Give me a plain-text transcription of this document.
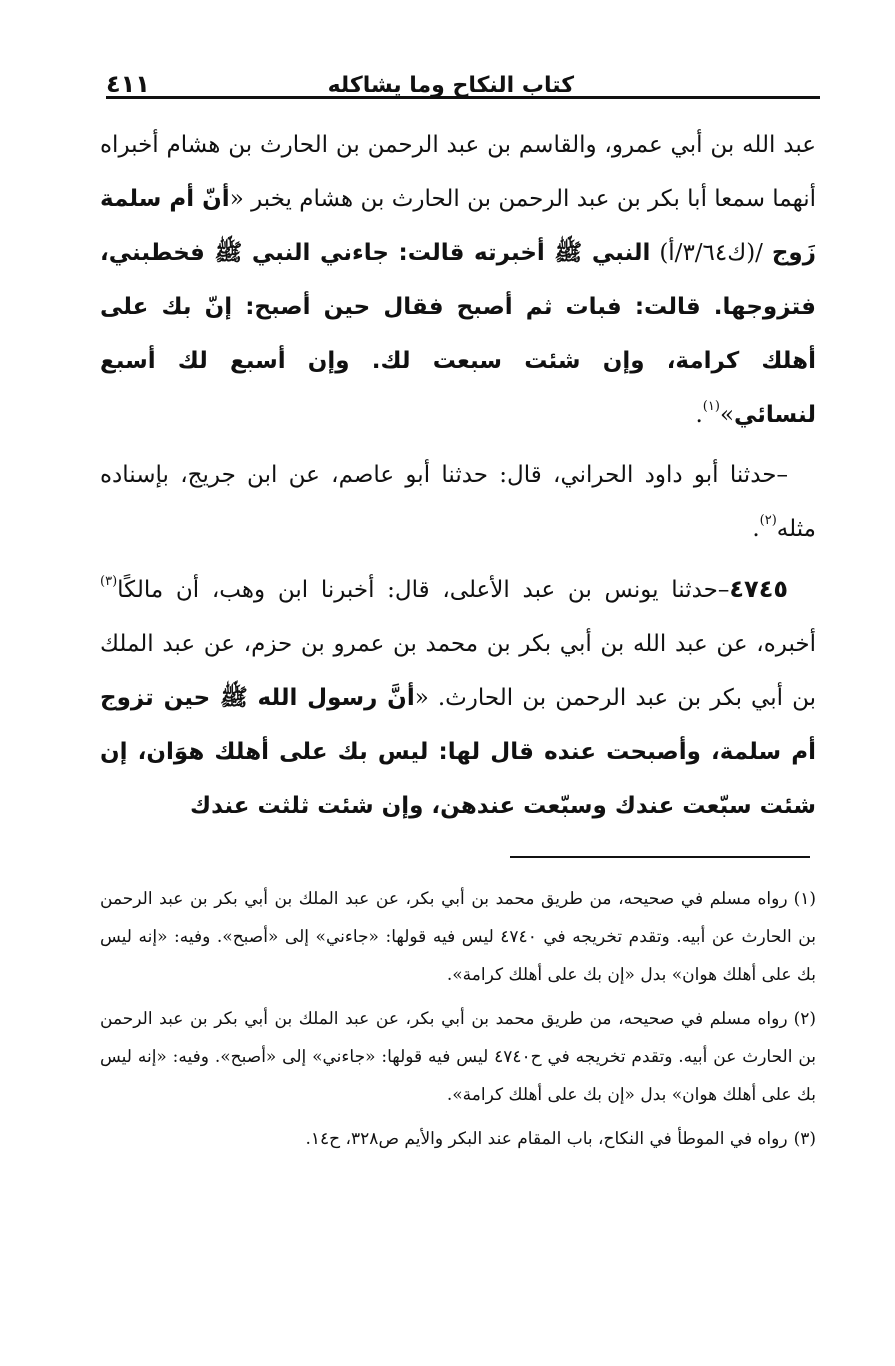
كتاب النكاح وما يشاكله
٤١١

عبد الله بن أبي عمرو، والقاسم بن عبد الرحمن بن الحارث بن هشام أخبراه أنهما سمعا أبا بكر بن عبد الرحمن بن الحارث بن هشام يخبر «أنّ أم سلمة زَوج /(ك٣/٦٤/أ) النبي ﷺ أخبرته قالت: جاءني النبي ﷺ فخطبني، فتزوجها. قالت: فبات ثم أصبح فقال حين أصبح: إنّ بك على أهلك كرامة، وإن شئت سبعت لك. وإن أسبع لك أسبع لنسائي»$^{(١)}$.

–حدثنا أبو داود الحراني، قال: حدثنا أبو عاصم، عن ابن جريج، بإسناده مثله$^{(٢)}$.

٤٧٤٥–حدثنا يونس بن عبد الأعلى، قال: أخبرنا ابن وهب، أن مالكًا$^{(٣)}$ أخبره، عن عبد الله بن أبي بكر بن محمد بن عمرو بن حزم، عن عبد الملك بن أبي بكر بن عبد الرحمن بن الحارث. «أنَّ رسول الله ﷺ حين تزوج أم سلمة، وأصبحت عنده قال لها: ليس بك على أهلك هوَان، إن شئت سبّعت عندك وسبّعت عندهن، وإن شئت ثلثت عندك

(١)رواه مسلم في صحيحه، من طريق محمد بن أبي بكر، عن عبد الملك بن أبي بكر بن عبد الرحمن بن الحارث عن أبيه. وتقدم تخريجه في ٤٧٤٠ ليس فيه قولها: «جاءني» إلى «أصبح». وفيه: «إنه ليس بك على أهلك هوان» بدل «إن بك على أهلك كرامة».

(٢)رواه مسلم في صحيحه، من طريق محمد بن أبي بكر، عن عبد الملك بن أبي بكر بن عبد الرحمن بن الحارث عن أبيه. وتقدم تخريجه في ح٤٧٤٠ ليس فيه قولها: «جاءني» إلى «أصبح». وفيه: «إنه ليس بك على أهلك هوان» بدل «إن بك على أهلك كرامة».

(٣)رواه في الموطأ في النكاح، باب المقام عند البكر والأيم ص٣٢٨، ح١٤.
